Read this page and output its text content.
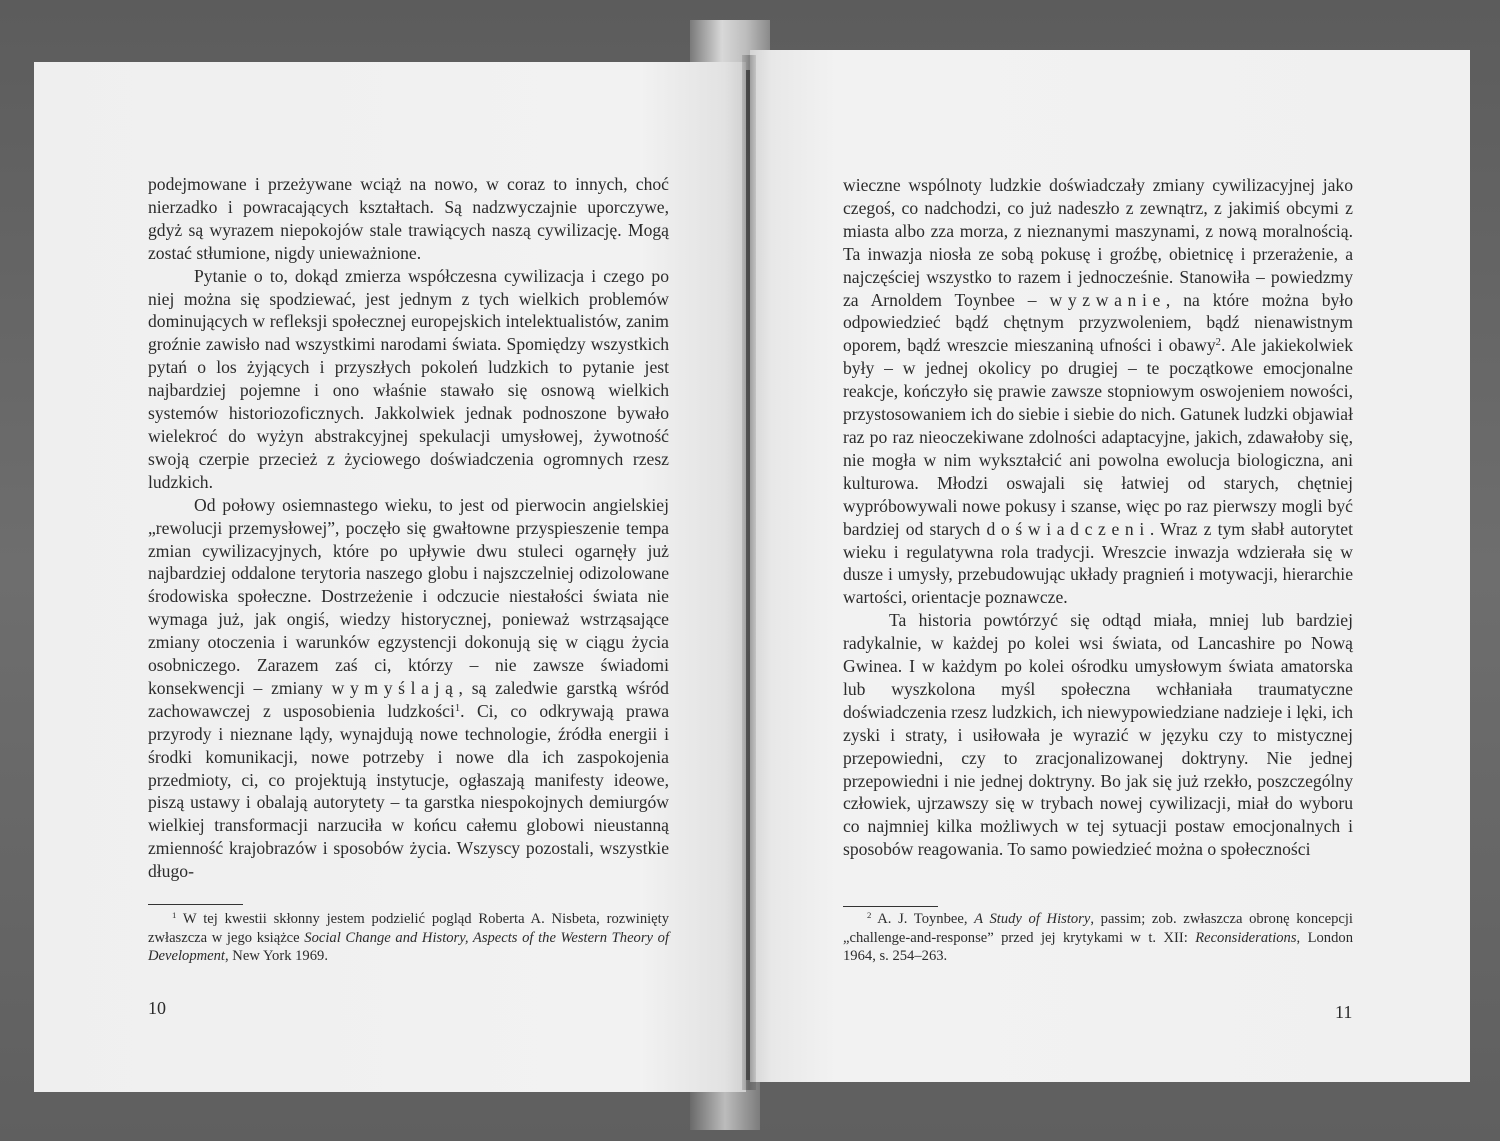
podejmowane i przeżywane wciąż na nowo, w coraz to innych, choć nierzadko i powracających kształtach. Są nadzwyczajnie uporczywe, gdyż są wyrazem niepokojów stale trawiących naszą cywilizację. Mogą zostać stłumione, nigdy unieważnione.

Pytanie o to, dokąd zmierza współczesna cywilizacja i czego po niej można się spodziewać, jest jednym z tych wielkich problemów dominujących w refleksji społecznej europejskich intelektualistów, zanim groźnie zawisło nad wszystkimi narodami świata. Spomiędzy wszystkich pytań o los żyjących i przyszłych pokoleń ludzkich to pytanie jest najbardziej pojemne i ono właśnie stawało się osnową wielkich systemów historiozoficznych. Jakkolwiek jednak podnoszone bywało wielekroć do wyżyn abstrakcyjnej spekulacji umysłowej, żywotność swoją czerpie przecież z życiowego doświadczenia ogromnych rzesz ludzkich.

Od połowy osiemnastego wieku, to jest od pierwocin angielskiej „rewolucji przemysłowej”, poczęło się gwałtowne przyspieszenie tempa zmian cywilizacyjnych, które po upływie dwu stuleci ogarnęły już najbardziej oddalone terytoria naszego globu i najszczelniej odizolowane środowiska społeczne. Dostrzeżenie i odczucie niestałości świata nie wymaga już, jak ongiś, wiedzy historycznej, ponieważ wstrząsające zmiany otoczenia i warunków egzystencji dokonują się w ciągu życia osobniczego. Zarazem zaś ci, którzy – nie zawsze świadomi konsekwencji – zmiany wymyślają, są zaledwie garstką wśród zachowawczej z usposobienia ludzkości$^1$. Ci, co odkrywają prawa przyrody i nieznane lądy, wynajdują nowe technologie, źródła energii i środki komunikacji, nowe potrzeby i nowe dla ich zaspokojenia przedmioty, ci, co projektują instytucje, ogłaszają manifesty ideowe, piszą ustawy i obalają autorytety – ta garstka niespokojnych demiurgów wielkiej transformacji narzuciła w końcu całemu globowi nieustanną zmienność krajobrazów i sposobów życia. Wszyscy pozostali, wszystkie długo-

$^1$ W tej kwestii skłonny jestem podzielić pogląd Roberta A. Nisbeta, rozwinięty zwłaszcza w jego książce Social Change and History, Aspects of the Western Theory of Development, New York 1969.

10

wieczne wspólnoty ludzkie doświadczały zmiany cywilizacyjnej jako czegoś, co nadchodzi, co już nadeszło z zewnątrz, z jakimiś obcymi z miasta albo zza morza, z nieznanymi maszynami, z nową moralnością. Ta inwazja niosła ze sobą pokusę i groźbę, obietnicę i przerażenie, a najczęściej wszystko to razem i jednocześnie. Stanowiła – powiedzmy za Arnoldem Toynbee – wyzwanie, na które można było odpowiedzieć bądź chętnym przyzwoleniem, bądź nienawistnym oporem, bądź wreszcie mieszaniną ufności i obawy$^2$. Ale jakiekolwiek były – w jednej okolicy po drugiej – te początkowe emocjonalne reakcje, kończyło się prawie zawsze stopniowym oswojeniem nowości, przystosowaniem ich do siebie i siebie do nich. Gatunek ludzki objawiał raz po raz nieoczekiwane zdolności adaptacyjne, jakich, zdawałoby się, nie mogła w nim wykształcić ani powolna ewolucja biologiczna, ani kulturowa. Młodzi oswajali się łatwiej od starych, chętniej wypróbowywali nowe pokusy i szanse, więc po raz pierwszy mogli być bardziej od starych doświadczeni. Wraz z tym słabł autorytet wieku i regulatywna rola tradycji. Wreszcie inwazja wdzierała się w dusze i umysły, przebudowując układy pragnień i motywacji, hierarchie wartości, orientacje poznawcze.

Ta historia powtórzyć się odtąd miała, mniej lub bardziej radykalnie, w każdej po kolei wsi świata, od Lancashire po Nową Gwinea. I w każdym po kolei ośrodku umysłowym świata amatorska lub wyszkolona myśl społeczna wchłaniała traumatyczne doświadczenia rzesz ludzkich, ich niewypowiedziane nadzieje i lęki, ich zyski i straty, i usiłowała je wyrazić w języku czy to mistycznej przepowiedni, czy to zracjonalizowanej doktryny. Nie jednej przepowiedni i nie jednej doktryny. Bo jak się już rzekło, poszczególny człowiek, ujrzawszy się w trybach nowej cywilizacji, miał do wyboru co najmniej kilka możliwych w tej sytuacji postaw emocjonalnych i sposobów reagowania. To samo powiedzieć można o społeczności

$^2$ A. J. Toynbee, A Study of History, passim; zob. zwłaszcza obronę koncepcji „challenge-and-response” przed jej krytykami w t. XII: Reconsiderations, London 1964, s. 254–263.

11
